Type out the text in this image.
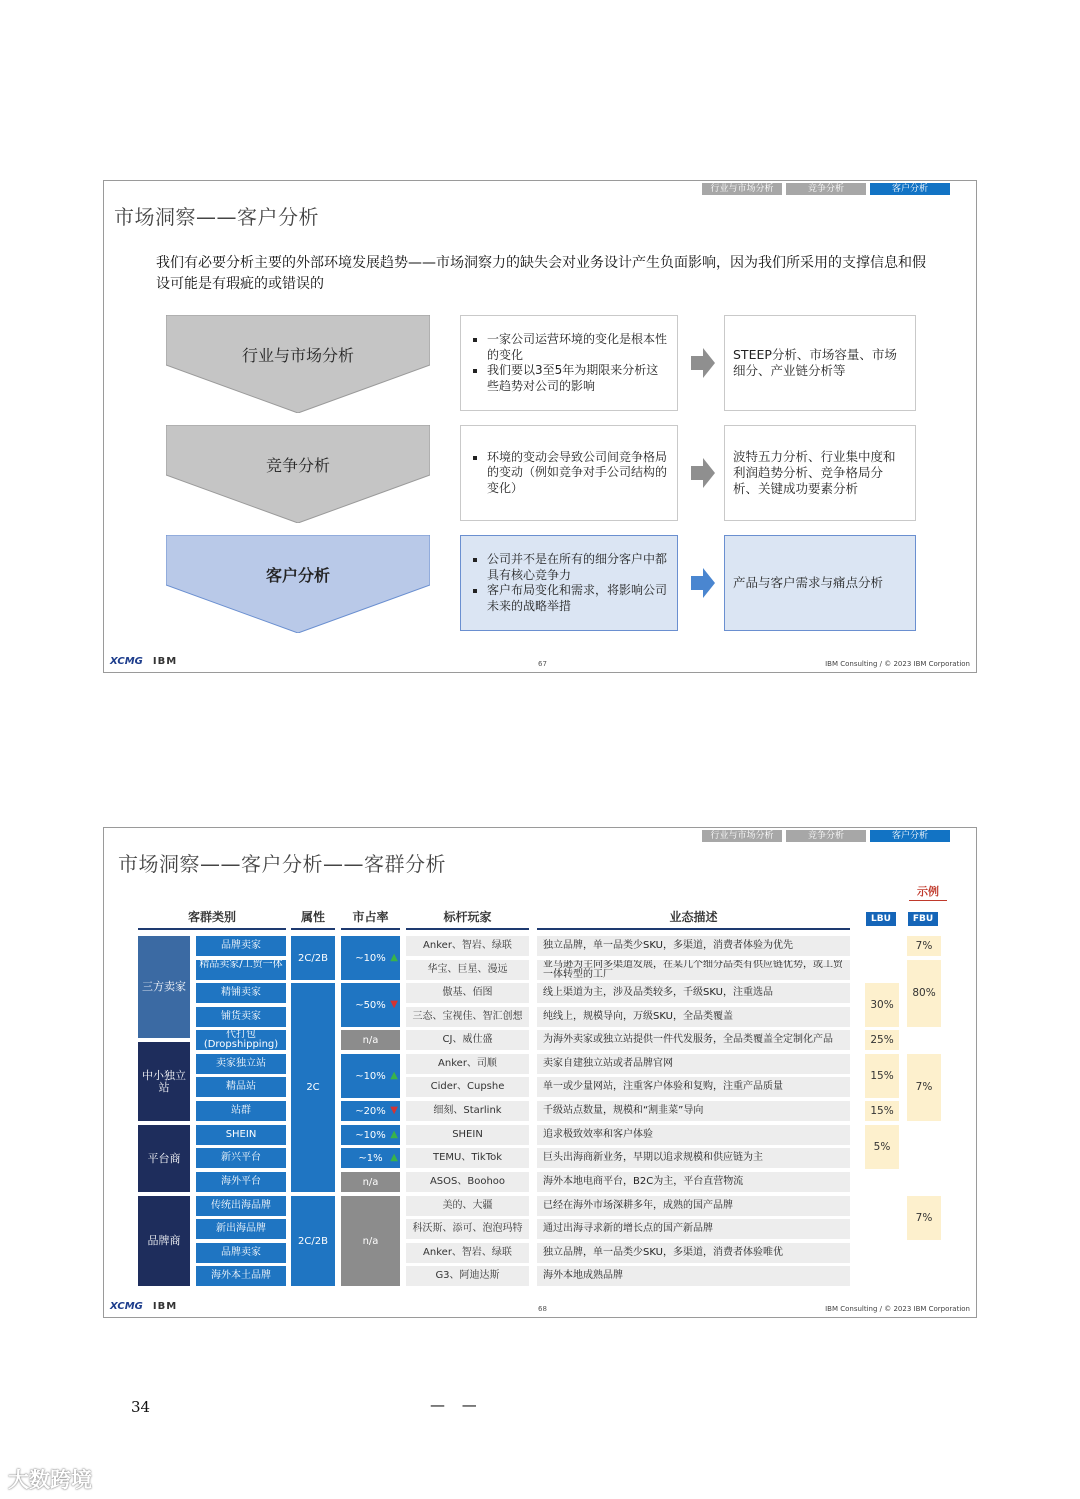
行业与市场分析	竞争分析	客户分析
市场洞察——客户分析
我们有必要分析主要的外部环境发展趋势——市场洞察力的缺失会对业务设计产生负面影响，因为我们所采用的支撑信息和假设可能是有瑕疵的或错误的
行业与市场分析
▪ 一家公司运营环境的变化是根本性的变化
▪ 我们要以3至5年为期限来分析这些趋势对公司的影响
STEEP分析、市场容量、市场细分、产业链分析等
竞争分析
▪	环境的变动会导致公司间竞争格局的变动（例如竞争对手公司结构的变化）
波特五力分析、行业集中度和利润趋势分析、竞争格局分析、关键成功要素分析
客户分析
▪ 公司并不是在所有的细分客户中都具有核心竞争力
▪ 客户布局变化和需求，将影响公司未来的战略举措
产品与客户需求与痛点分析
XCMG IBM	67	IBM Consulting / © 2023 IBM Corporation
行业与市场分析	竞争分析	客户分析
市场洞察——客户分析——客群分析
示例
客群类别	属性	市占率	标杆玩家	业态描述	LBU	FBU
三方卖家
中小独立站
平台商
品牌商
品牌卖家
精品卖家/工贸一体
精铺卖家
铺货卖家
代打包(Dropshipping)
卖家独立站
精品站
站群
SHEIN
新兴平台
海外平台
传统出海品牌
新出海品牌
品牌卖家
海外本土品牌
2C/2B
2C
2C/2B
~10% ▲
~50% ▼
n/a
~10% ▲
~20% ▼
~10% ▲
~1% ▲
n/a
n/a
Anker、智岩、绿联
华宝、巨星、漫远
傲基、佰图
三态、宝视佳、智汇创想
CJ、威仕盛
Anker、司顺
Cider、Cupshe
细刻、Starlink
SHEIN
TEMU、TikTok
ASOS、Boohoo
美的、大疆
科沃斯、添可、泡泡玛特
Anker、智岩、绿联
G3、阿迪达斯
独立品牌，单一品类少SKU，多渠道，消费者体验为优先
亚马逊为主向多渠道发展，在某几个细分品类有供应链优势，或工贸一体转型的工厂
线上渠道为主，涉及品类较多，千级SKU，注重选品
纯线上，规模导向，万级SKU，全品类覆盖
为海外卖家或独立站提供一件代发服务，全品类覆盖全定制化产品
卖家自建独立站或者品牌官网
单一或少量网站，注重客户体验和复购，注重产品质量
千级站点数量，规模和“割韭菜”导向
追求极致效率和客户体验
巨头出海商新业务，早期以追求规模和供应链为主
海外本地电商平台，B2C为主，平台直营物流
已经在海外市场深耕多年，成熟的国产品牌
通过出海寻求新的增长点的国产新品牌
独立品牌，单一品类少SKU，多渠道，消费者体验唯优
海外本地成熟品牌
30%
25%
15%
15%
5%
7%
80%
7%
7%
XCMG IBM	68	IBM Consulting / © 2023 IBM Corporation
34	— —
大数跨境
